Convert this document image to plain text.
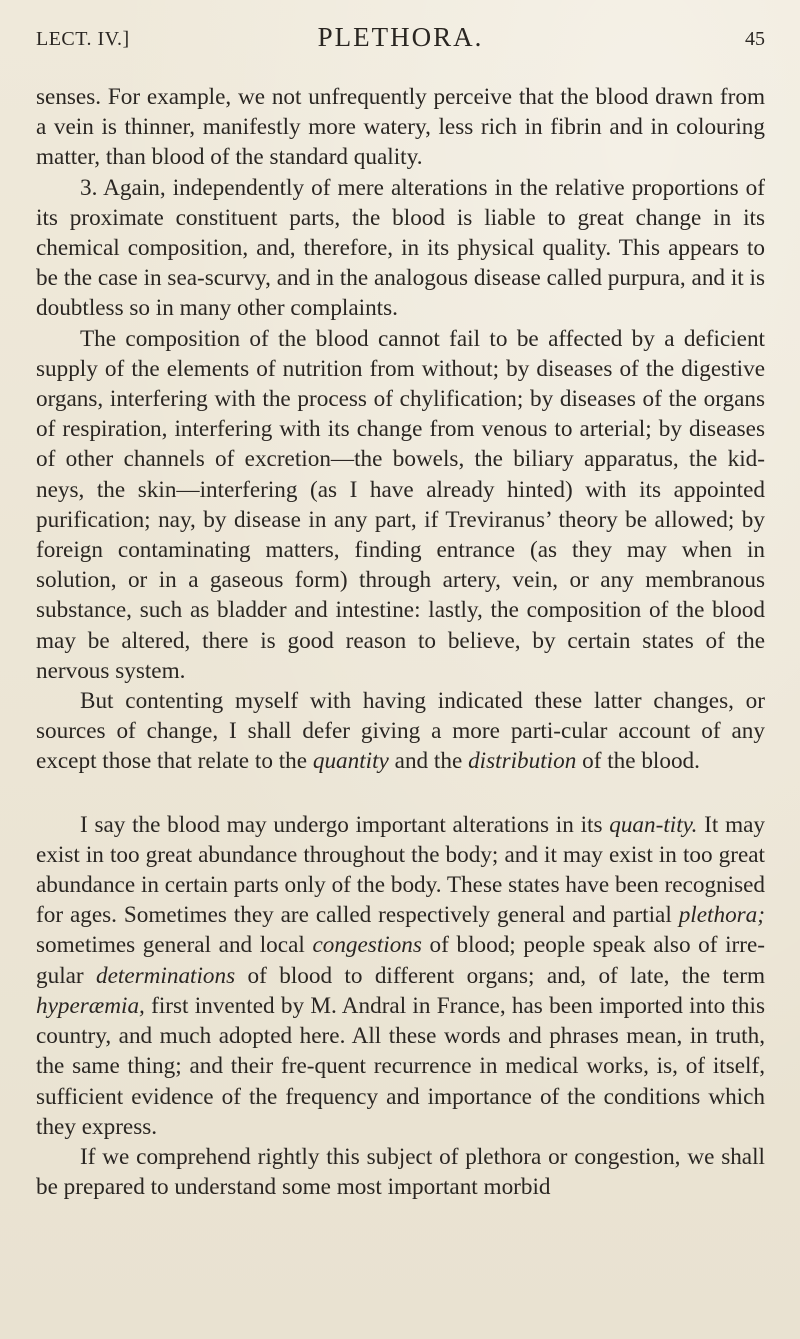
LECT. IV.]	PLETHORA.	45

senses. For example, we not unfrequently perceive that the blood drawn from a vein is thinner, manifestly more watery, less rich in fibrin and in colouring matter, than blood of the standard quality.

3. Again, independently of mere alterations in the relative proportions of its proximate constituent parts, the blood is liable to great change in its chemical composition, and, therefore, in its physical quality. This appears to be the case in sea-scurvy, and in the analogous disease called purpura, and it is doubtless so in many other complaints.

The composition of the blood cannot fail to be affected by a deficient supply of the elements of nutrition from without; by diseases of the digestive organs, interfering with the process of chylification; by diseases of the organs of respiration, interfering with its change from venous to arterial; by diseases of other channels of excretion—the bowels, the biliary apparatus, the kid-neys, the skin—interfering (as I have already hinted) with its appointed purification; nay, by disease in any part, if Treviranus’ theory be allowed; by foreign contaminating matters, finding entrance (as they may when in solution, or in a gaseous form) through artery, vein, or any membranous substance, such as bladder and intestine: lastly, the composition of the blood may be altered, there is good reason to believe, by certain states of the nervous system.

But contenting myself with having indicated these latter changes, or sources of change, I shall defer giving a more parti-cular account of any except those that relate to the quantity and the distribution of the blood.

I say the blood may undergo important alterations in its quan-tity. It may exist in too great abundance throughout the body; and it may exist in too great abundance in certain parts only of the body. These states have been recognised for ages. Sometimes they are called respectively general and partial plethora; sometimes general and local congestions of blood; people speak also of irre-gular determinations of blood to different organs; and, of late, the term hyperæmia, first invented by M. Andral in France, has been imported into this country, and much adopted here. All these words and phrases mean, in truth, the same thing; and their fre-quent recurrence in medical works, is, of itself, sufficient evidence of the frequency and importance of the conditions which they express.

If we comprehend rightly this subject of plethora or congestion, we shall be prepared to understand some most important morbid
